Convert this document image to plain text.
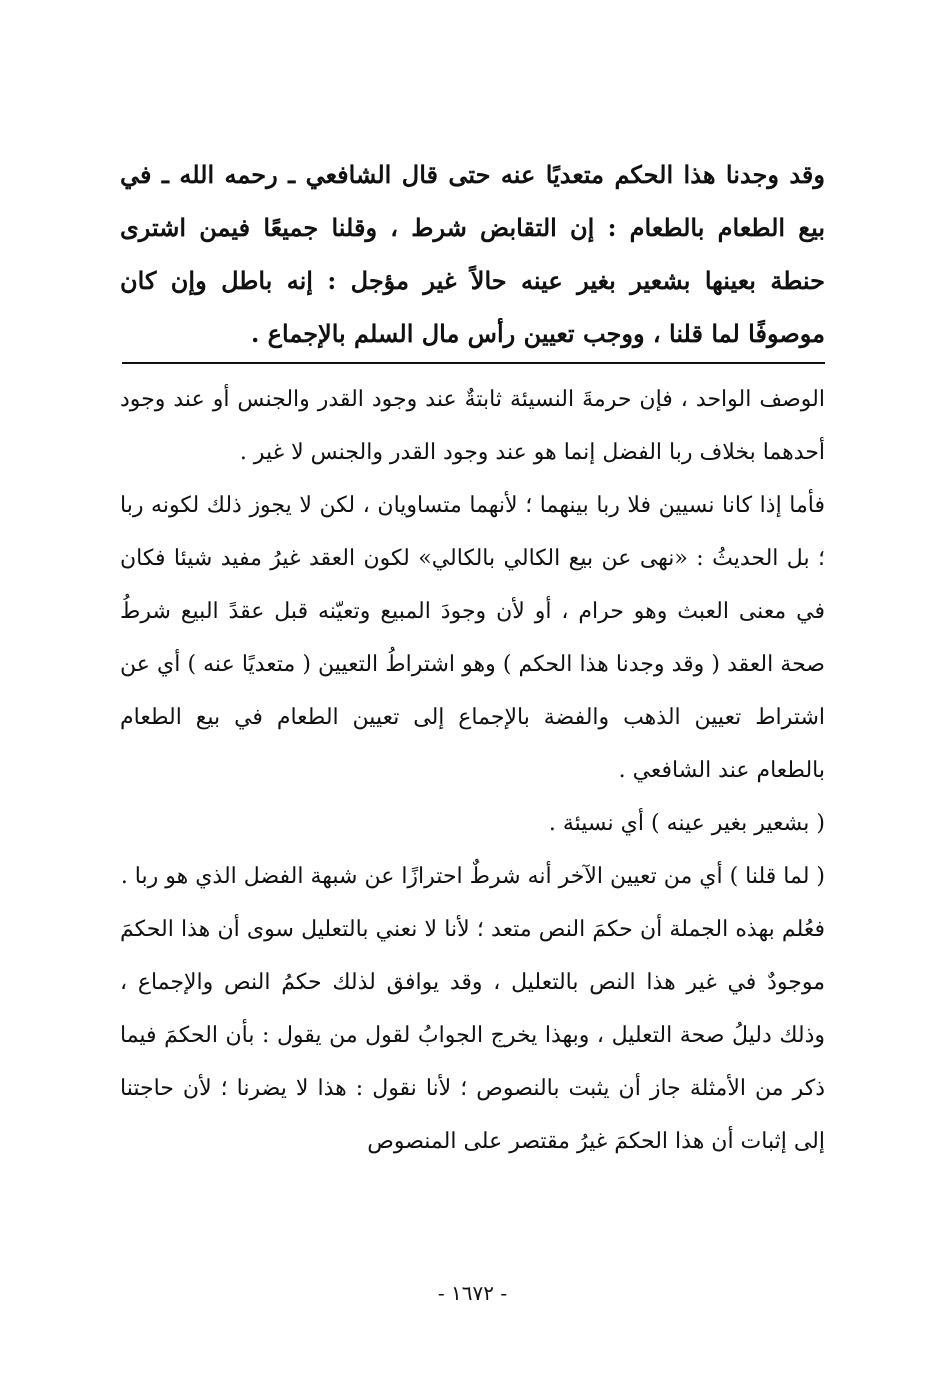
وقد وجدنا هذا الحكم متعديًا عنه حتى قال الشافعي ـ رحمه الله ـ في بيع الطعام بالطعام : إن التقابض شرط ، وقلنا جميعًا فيمن اشترى حنطة بعينها بشعير بغير عينه حالاً غير مؤجل : إنه باطل وإن كان موصوفًا لما قلنا ، ووجب تعيين رأس مال السلم بالإجماع .

الوصف الواحد ، فإن حرمةَ النسيئة ثابتةٌ عند وجود القدر والجنس أو عند وجود أحدهما بخلاف ربا الفضل إنما هو عند وجود القدر والجنس لا غير .

فأما إذا كانا نسيين فلا ربا بينهما ؛ لأنهما متساويان ، لكن لا يجوز ذلك لكونه ربا ؛ بل الحديثُ : «نهى عن بيع الكالي بالكالي» لكون العقد غيرُ مفيد شيئا فكان في معنى العبث وهو حرام ، أو لأن وجودَ المبيع وتعيّنه قبل عقدً البيع شرطُ صحة العقد ( وقد وجدنا هذا الحكم ) وهو اشتراطُ التعيين ( متعديًا عنه ) أي عن اشتراط تعيين الذهب والفضة بالإجماع إلى تعيين الطعام في بيع الطعام بالطعام عند الشافعي .

( بشعير بغير عينه ) أي نسيئة .

( لما قلنا ) أي من تعيين الآخر أنه شرطٌ احترازًا عن شبهة الفضل الذي هو ربا .

فعُلم بهذه الجملة أن حكمَ النص متعد ؛ لأنا لا نعني بالتعليل سوى أن هذا الحكمَ موجودٌ في غير هذا النص بالتعليل ، وقد يوافق لذلك حكمُ النص والإجماع ، وذلك دليلُ صحة التعليل ، وبهذا يخرج الجوابُ لقول من يقول : بأن الحكمَ فيما ذكر من الأمثلة جاز أن يثبت بالنصوص ؛ لأنا نقول : هذا لا يضرنا ؛ لأن حاجتنا إلى إثبات أن هذا الحكمَ غيرُ مقتصر على المنصوص

- ١٦٧٢ -
